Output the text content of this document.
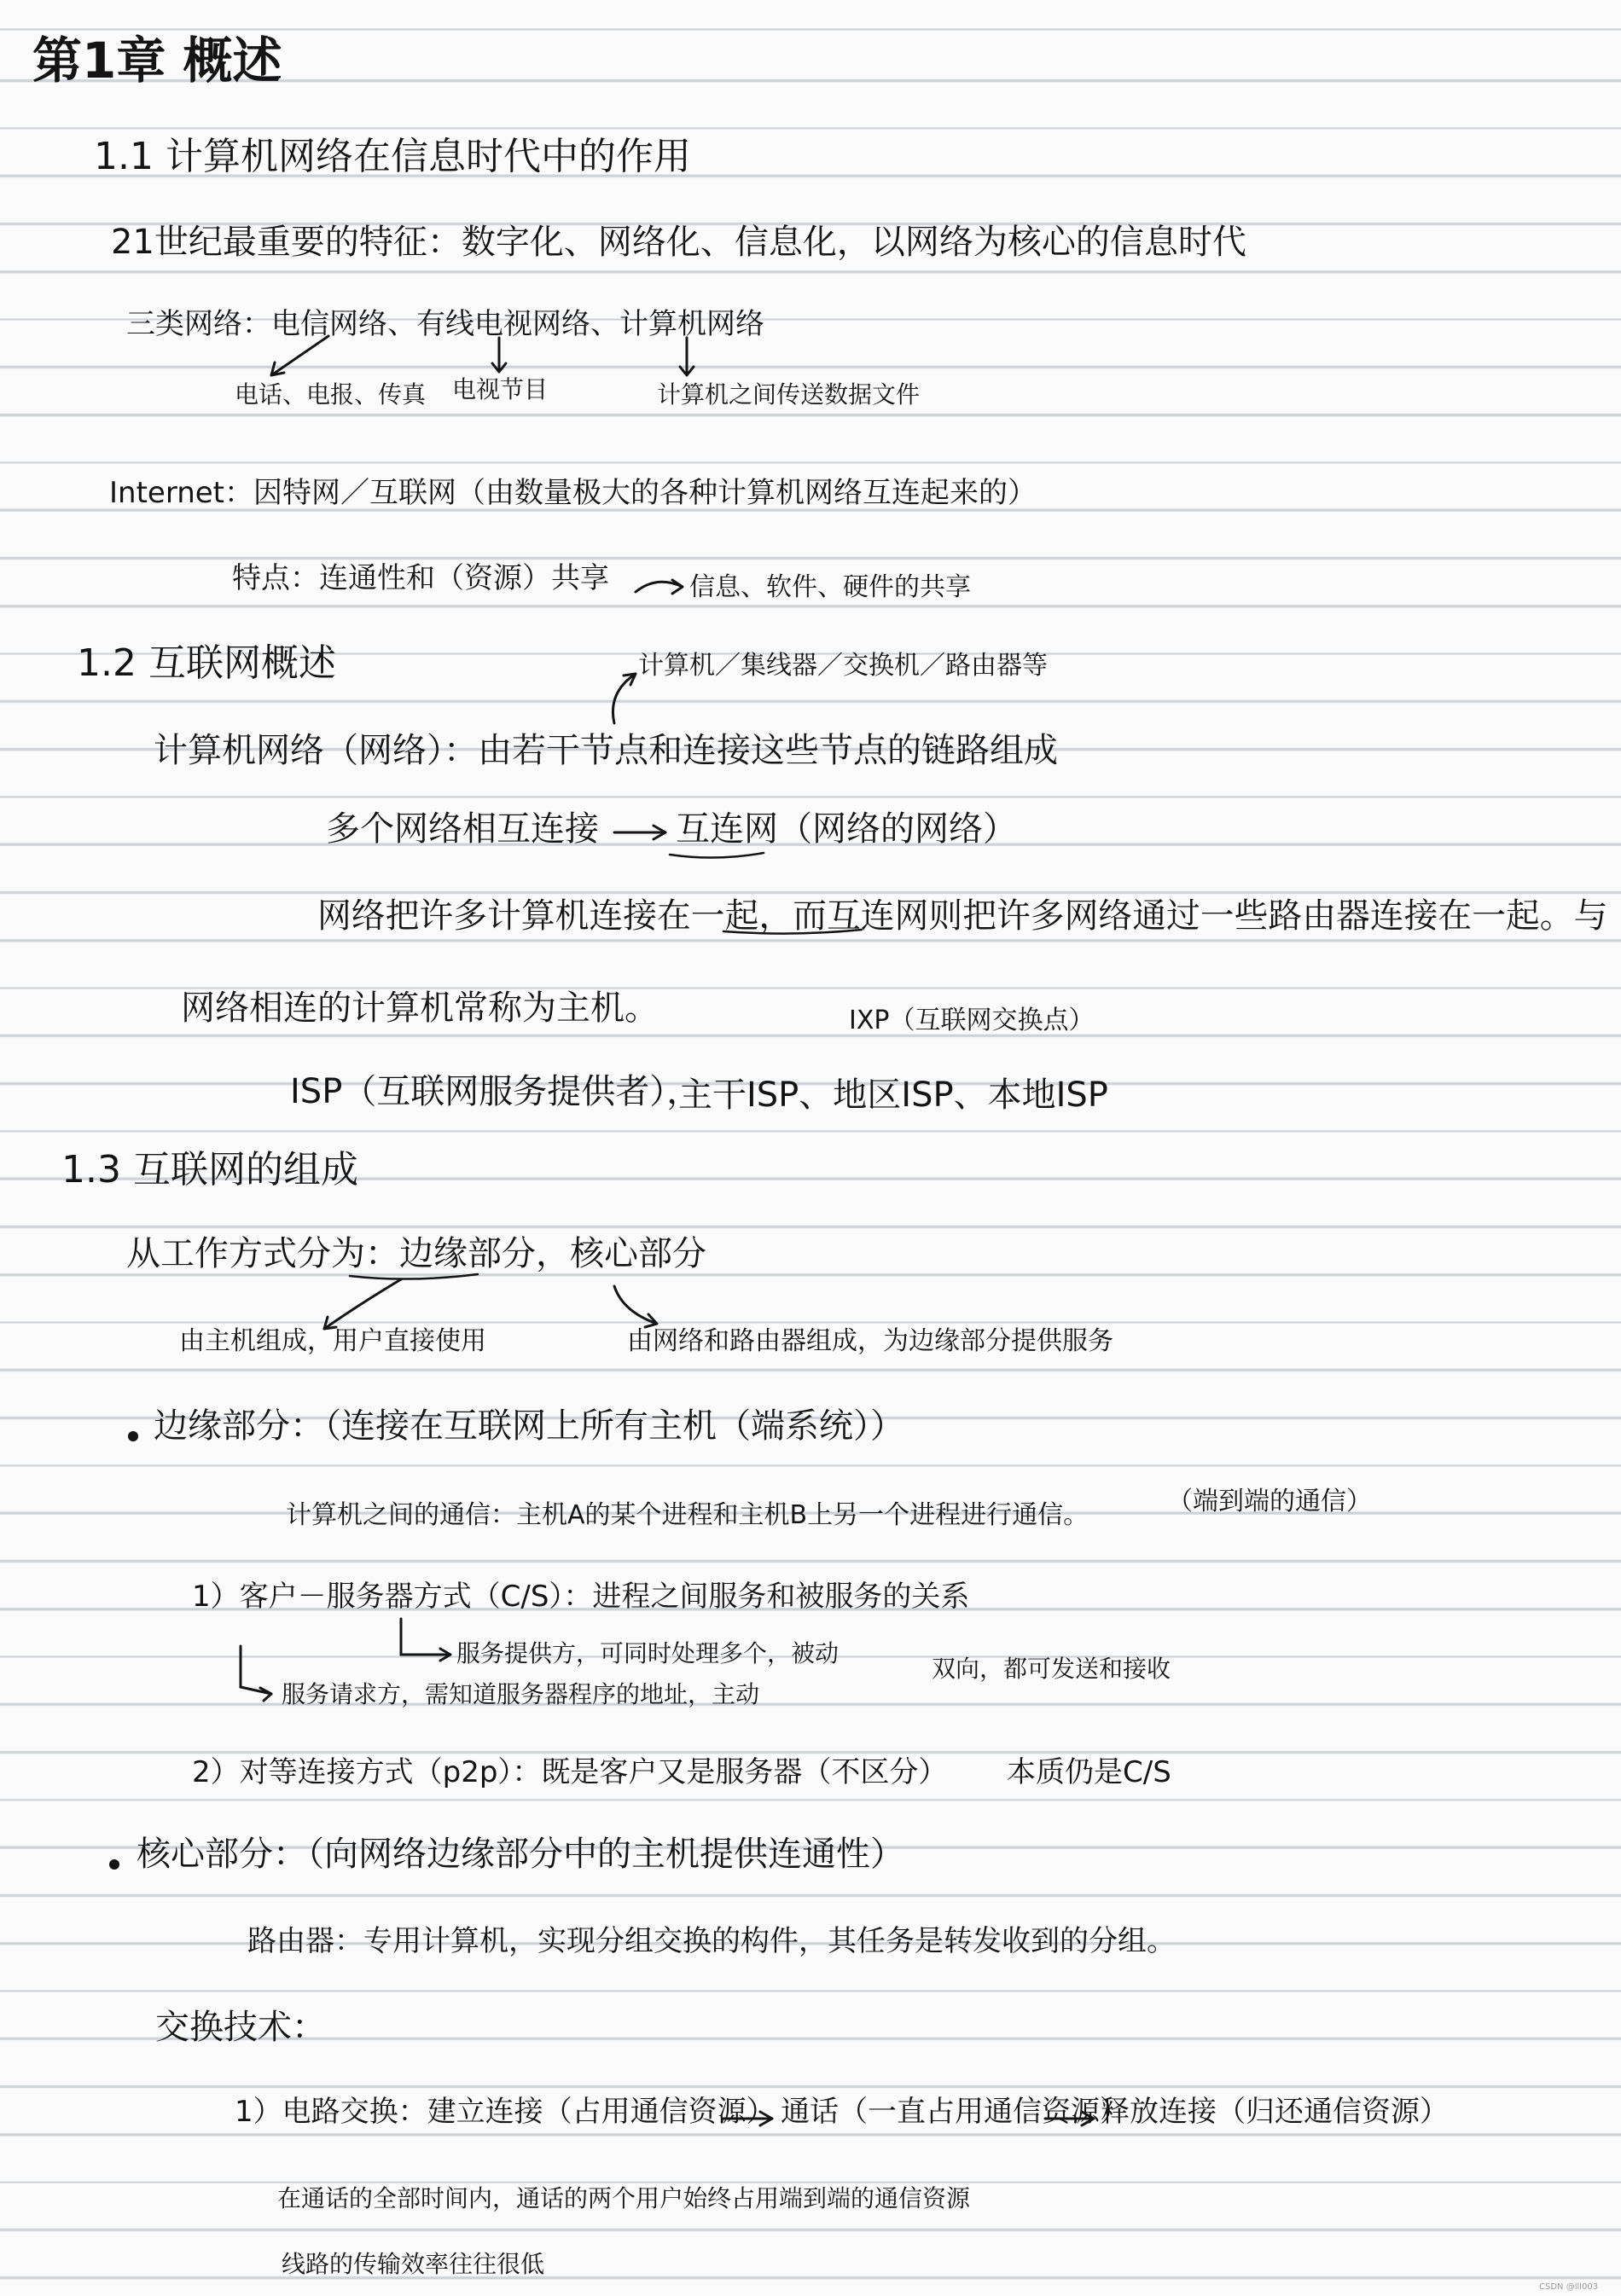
第1章 概述
1.1 计算机网络在信息时代中的作用
21世纪最重要的特征：数字化、网络化、信息化，以网络为核心的信息时代
三类网络：电信网络、有线电视网络、计算机网络
电话、电报、传真 电视节目	计算机之间传送数据文件
Internet：因特网／互联网（由数量极大的各种计算机网络互连起来的）
特点：连通性和（资源）共享	信息、软件、硬件的共享
1.2 互联网概述	计算机／集线器／交换机／路由器等
计算机网络（网络）：由若干节点和连接这些节点的链路组成
多个网络相互连接 互连网（网络的网络）
网络把许多计算机连接在一起，而互连网则把许多网络通过一些路由器连接在一起。与
网络相连的计算机常称为主机。	IXP（互联网交换点）
ISP（互联网服务提供者），
主干ISP、地区ISP、本地ISP
1.3 互联网的组成
从工作方式分为：边缘部分，核心部分
由主机组成，用户直接使用	由网络和路由器组成，为边缘部分提供服务
边缘部分：（连接在互联网上所有主机（端系统））
计算机之间的通信：主机A的某个进程和主机B上另一个进程进行通信。	（端到端的通信）
1）客户－服务器方式（C/S）：进程之间服务和被服务的关系
服务提供方，可同时处理多个，被动
服务请求方，需知道服务器程序的地址，主动
双向，都可发送和接收
2）对等连接方式（p2p）：既是客户又是服务器（不区分） 本质仍是C/S
核心部分：（向网络边缘部分中的主机提供连通性）
路由器：专用计算机，实现分组交换的构件，其任务是转发收到的分组。
交换技术：
1）电路交换：建立连接（占用通信资源） 通话（一直占用通信资源）
释放连接（归还通信资源）
在通话的全部时间内，通话的两个用户始终占用端到端的通信资源
线路的传输效率往往很低
CSDN @lll003
